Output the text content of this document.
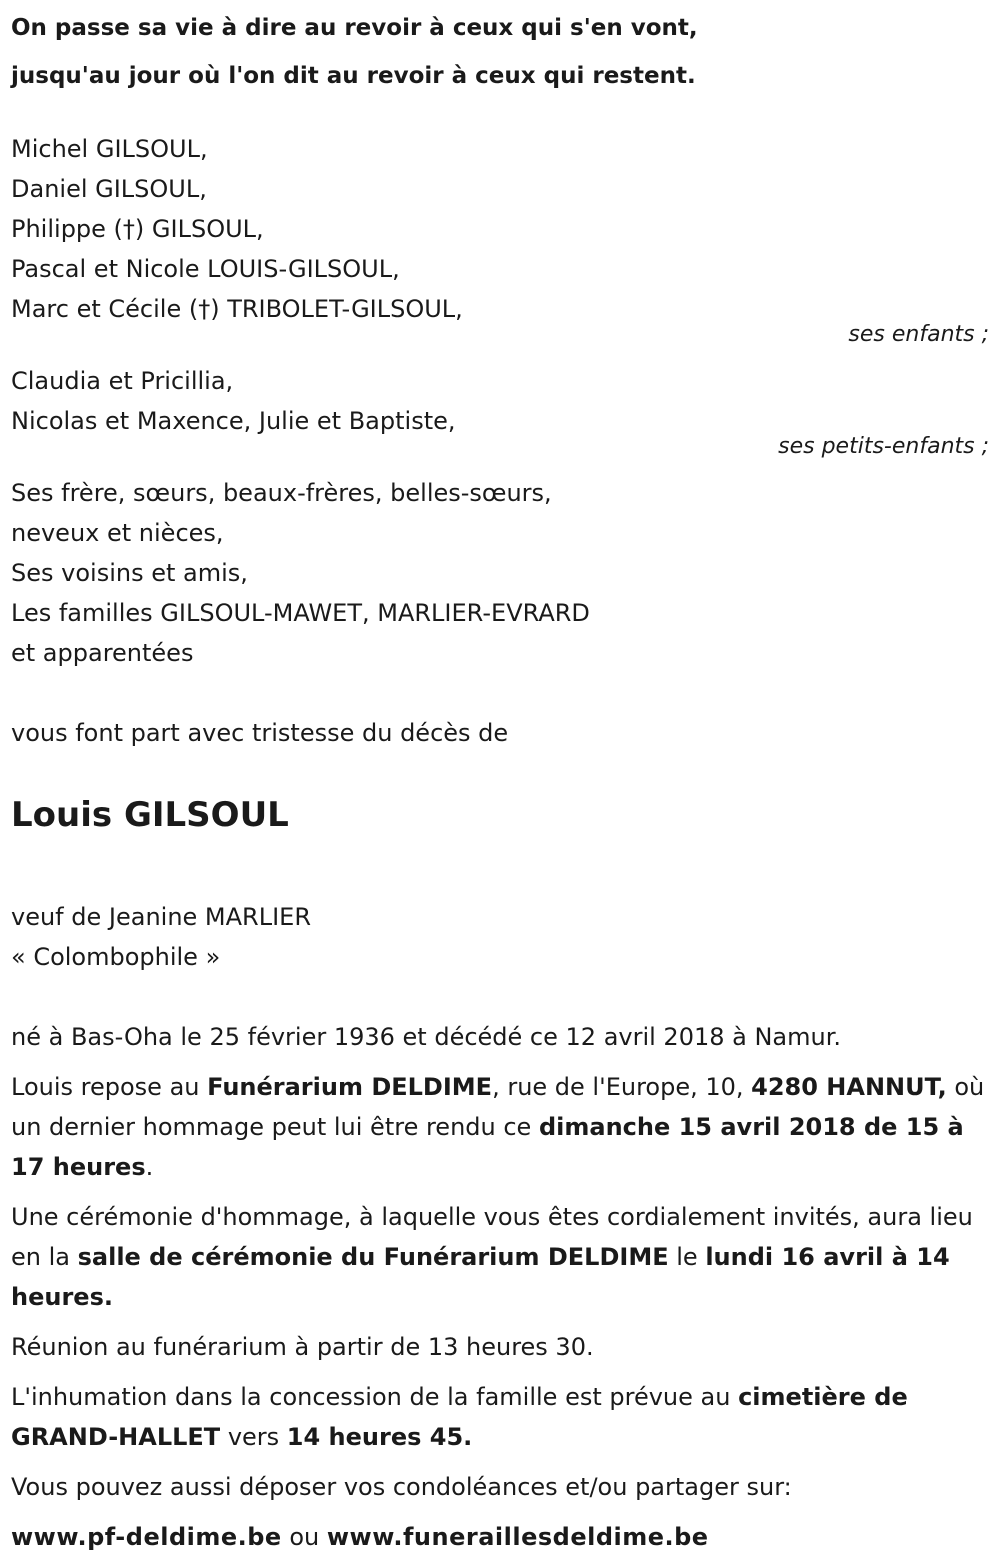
On passe sa vie à dire au revoir à ceux qui s'en vont,
jusqu'au jour où l'on dit au revoir à ceux qui restent.
Michel GILSOUL,
Daniel GILSOUL,
Philippe (†) GILSOUL,
Pascal et Nicole LOUIS-GILSOUL,
Marc et Cécile (†) TRIBOLET-GILSOUL,
ses enfants ;
Claudia et Pricillia,
Nicolas et Maxence, Julie et Baptiste,
ses petits-enfants ;
Ses frère, sœurs, beaux-frères, belles-sœurs,
neveux et nièces,
Ses voisins et amis,
Les familles GILSOUL-MAWET, MARLIER-EVRARD
et apparentées
vous font part avec tristesse du décès de
Louis GILSOUL
veuf de Jeanine MARLIER
« Colombophile »
né à Bas-Oha le 25 février 1936 et décédé ce 12 avril 2018 à Namur.
Louis repose au Funérarium DELDIME, rue de l'Europe, 10, 4280 HANNUT, où un dernier hommage peut lui être rendu ce dimanche 15 avril 2018 de 15 à 17 heures.
Une cérémonie d'hommage, à laquelle vous êtes cordialement invités, aura lieu en la salle de cérémonie du Funérarium DELDIME le lundi 16 avril à 14 heures.
Réunion au funérarium à partir de 13 heures 30.
L'inhumation dans la concession de la famille est prévue au cimetière de GRAND-HALLET vers 14 heures 45.
Vous pouvez aussi déposer vos condoléances et/ou partager sur:
www.pf-deldime.be ou www.funeraillesdeldime.be
